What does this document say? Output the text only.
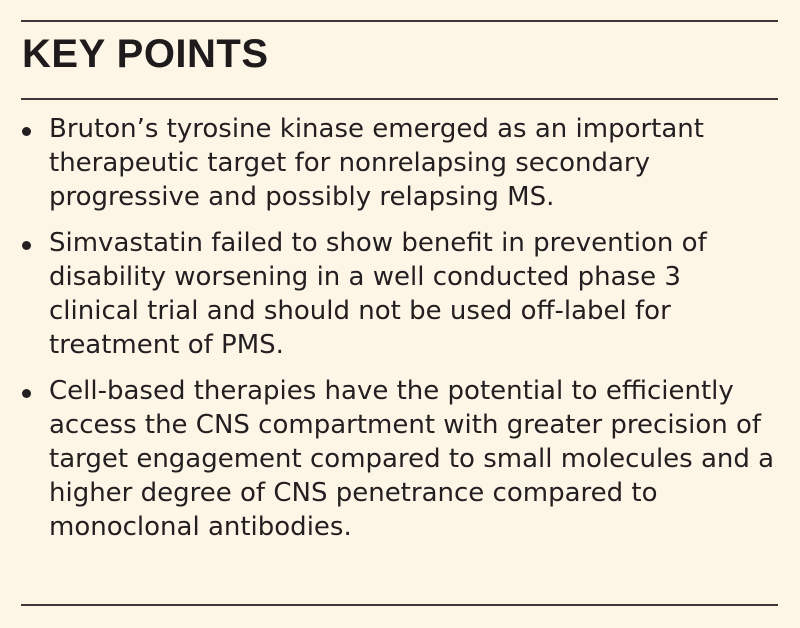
KEY POINTS
Bruton’s tyrosine kinase emerged as an important therapeutic target for nonrelapsing secondary progressive and possibly relapsing MS.
Simvastatin failed to show benefit in prevention of disability worsening in a well conducted phase 3 clinical trial and should not be used off-label for treatment of PMS.
Cell-based therapies have the potential to efficiently access the CNS compartment with greater precision of target engagement compared to small molecules and a higher degree of CNS penetrance compared to monoclonal antibodies.
